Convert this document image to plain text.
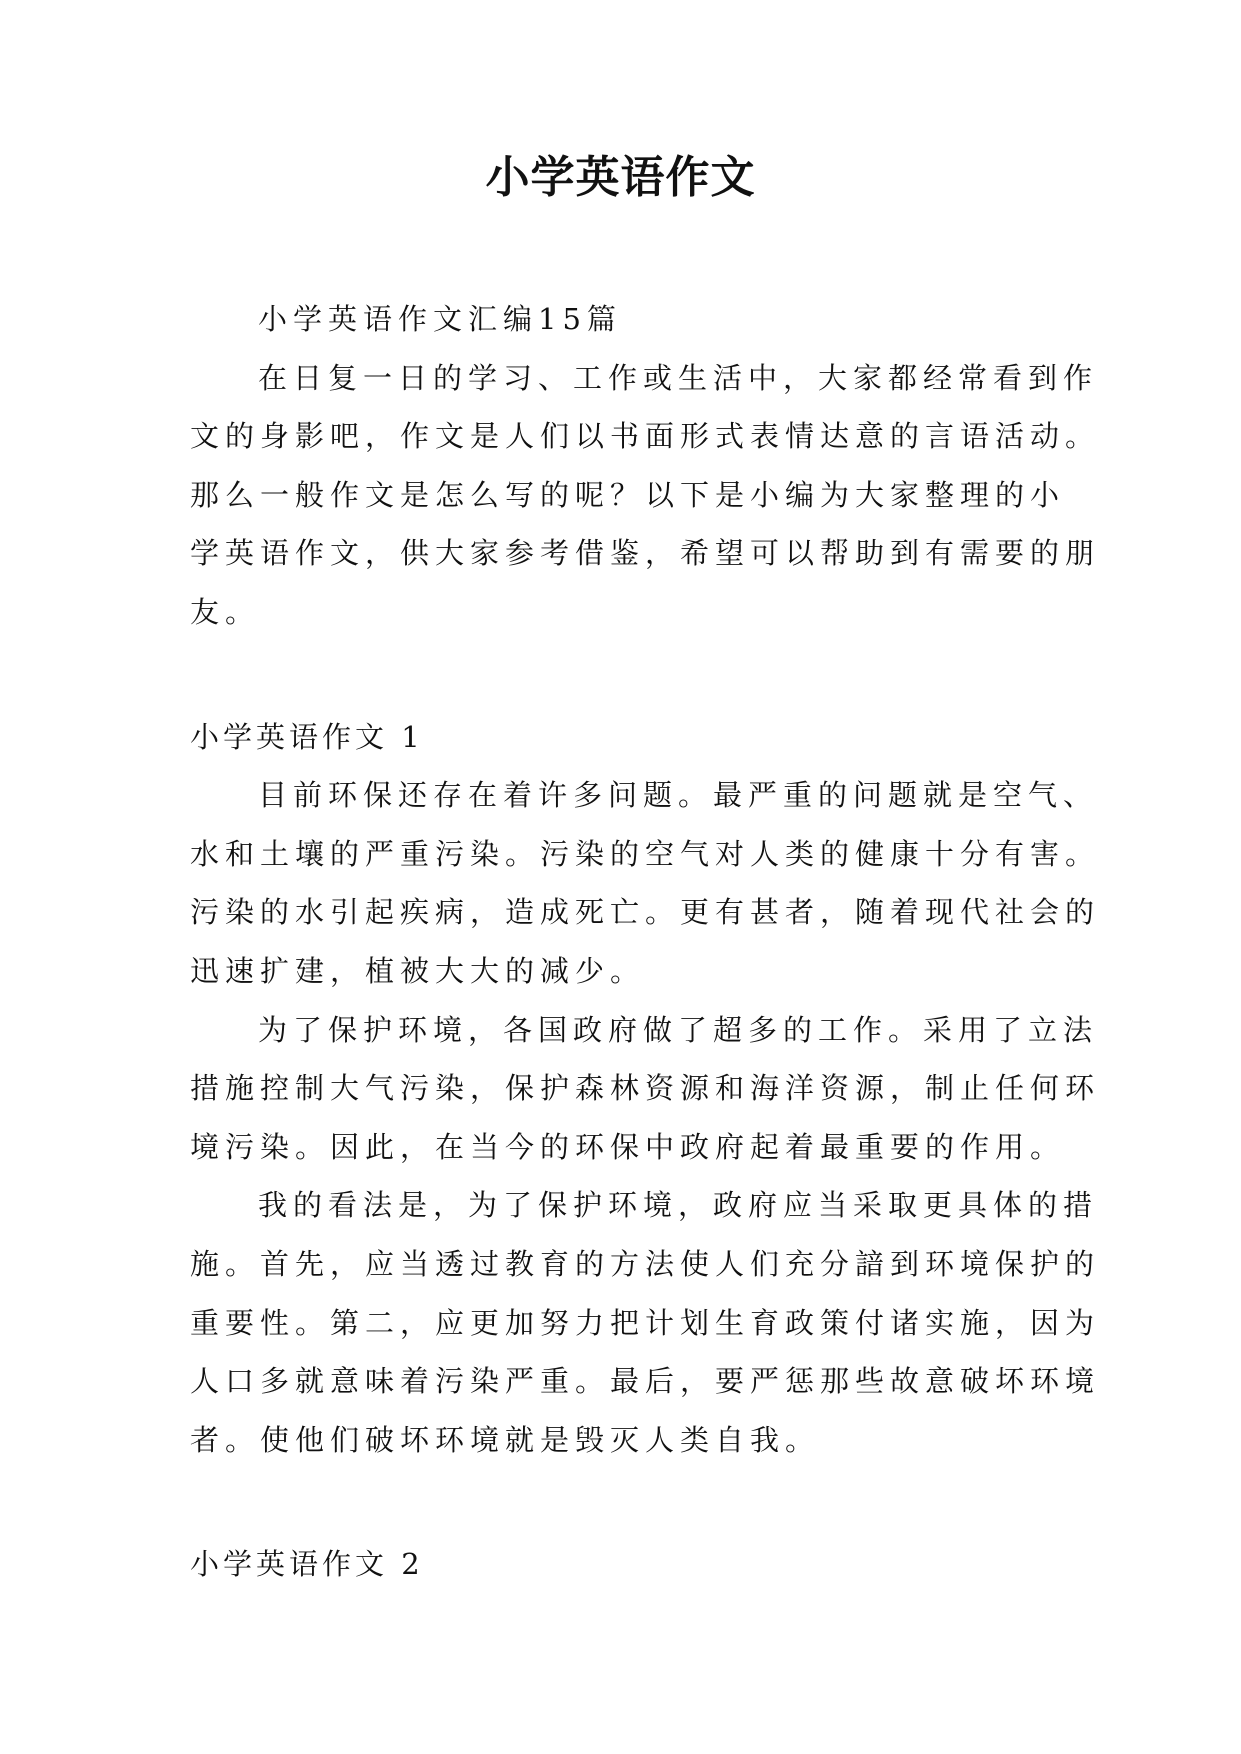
小学英语作文
小学英语作文汇编15篇
在日复一日的学习、工作或生活中，大家都经常看到作
文的身影吧，作文是人们以书面形式表情达意的言语活动。
那么一般作文是怎么写的呢？以下是小编为大家整理的小
学英语作文，供大家参考借鉴，希望可以帮助到有需要的朋
友。
小学英语作文 1
目前环保还存在着许多问题。最严重的问题就是空气、
水和土壤的严重污染。污染的空气对人类的健康十分有害。
污染的水引起疾病，造成死亡。更有甚者，随着现代社会的
迅速扩建，植被大大的减少。
为了保护环境，各国政府做了超多的工作。采用了立法
措施控制大气污染，保护森林资源和海洋资源，制止任何环
境污染。因此，在当今的环保中政府起着最重要的作用。
我的看法是，为了保护环境，政府应当采取更具体的措
施。首先，应当透过教育的方法使人们充分諳到环境保护的
重要性。第二，应更加努力把计划生育政策付诸实施，因为
人口多就意味着污染严重。最后，要严惩那些故意破坏环境
者。使他们破坏环境就是毁灭人类自我。
小学英语作文 2
